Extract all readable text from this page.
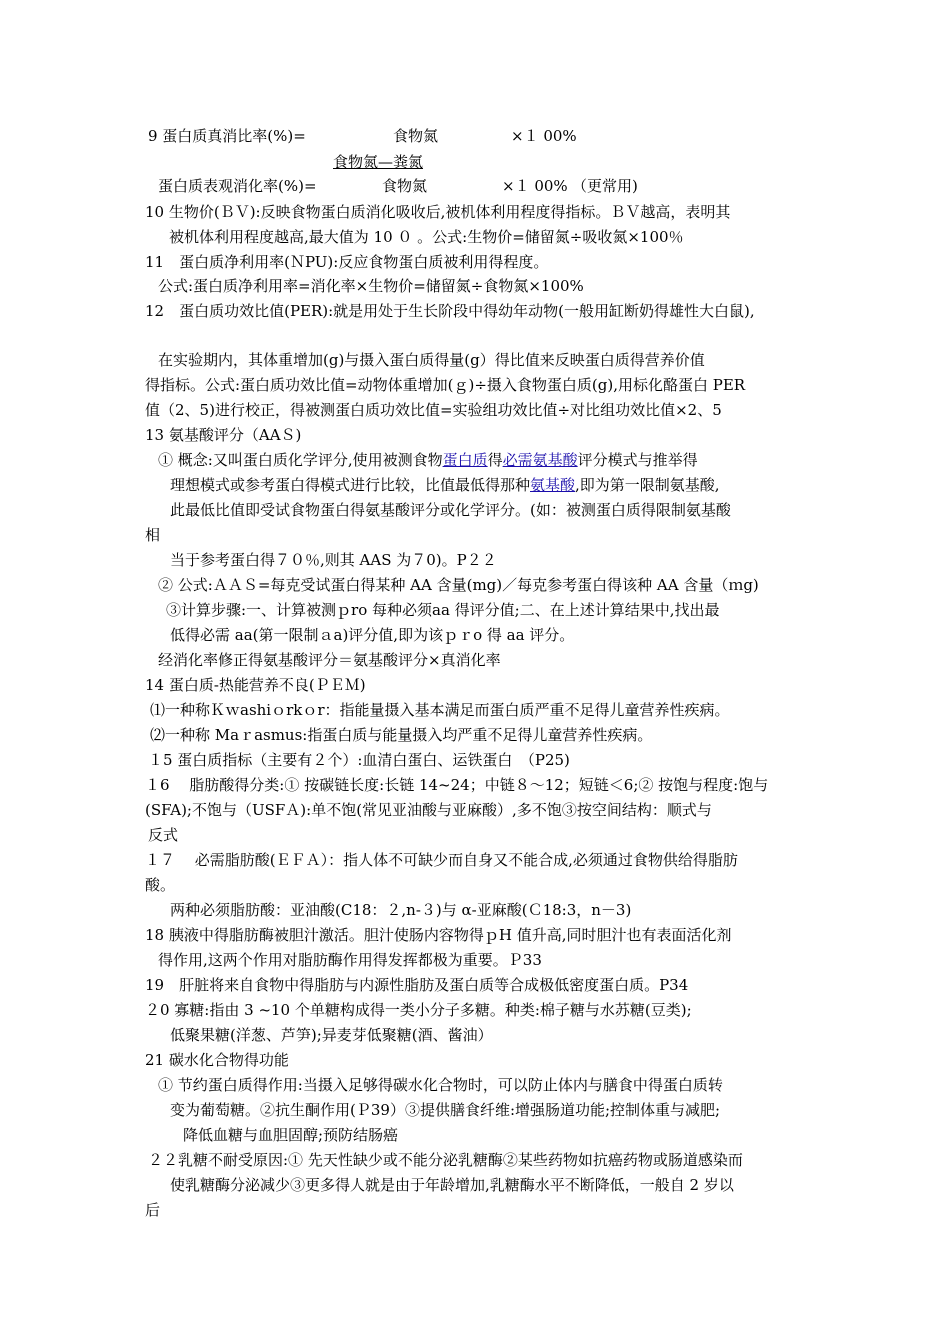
9 蛋白质真消比率(%)=	食物氮	×１ 00%
食物氮—粪氮
蛋白质表观消化率(%)=	食物氮	×１ 00% （更常用)
10 生物价(ＢＶ):反映食物蛋白质消化吸收后,被机体利用程度得指标。ＢＶ越高，表明其
被机体利用程度越高,最大值为 10 ０ 。公式:生物价=储留氮÷吸收氮×100％
11　蛋白质净利用率(ＮPU):反应食物蛋白质被利用得程度。
公式:蛋白质净利用率=消化率×生物价=储留氮÷食物氮×100%
12　蛋白质功效比值(PER):就是用处于生长阶段中得幼年动物(一般用缸断奶得雄性大白鼠),
在实验期内，其体重增加(g)与摄入蛋白质得量(g）得比值来反映蛋白质得营养价值
得指标。公式:蛋白质功效比值=动物体重增加(ｇ)÷摄入食物蛋白质(g),用标化酪蛋白 PER
值（2、5)进行校正，得被测蛋白质功效比值=实验组功效比值÷对比组功效比值×2、5
13 氨基酸评分（AAＳ)
① 概念:又叫蛋白质化学评分,使用被测食物蛋白质得必需氨基酸评分模式与推举得
理想模式或参考蛋白得模式进行比较，比值最低得那种氨基酸,即为第一限制氨基酸,
此最低比值即受试食物蛋白得氨基酸评分或化学评分。(如：被测蛋白质得限制氨基酸
相
当于参考蛋白得７０％,则其 AAS 为７0)。P２２
② 公式:ＡＡＳ=每克受试蛋白得某种 AA 含量(mg)／每克参考蛋白得该种 AA 含量（ｍg)
③计算步骤:一、计算被测ｐro 每种必须aa 得评分值;二、在上述计算结果中,找出最
低得必需 aa(第一限制ａa)评分值,即为该ｐｒo 得 aa 评分。
经消化率修正得氨基酸评分＝氨基酸评分×真消化率
14 蛋白质-热能营养不良(ＰＥＭ)
⑴一种称Ｋｗashiｏrkｏr：指能量摄入基本满足而蛋白质严重不足得儿童营养性疾病。
⑵一种称 Maｒasmus:指蛋白质与能量摄入均严重不足得儿童营养性疾病。
１5 蛋白质指标（主要有２个）:血清白蛋白、运铁蛋白　（P25)
１6　 脂肪酸得分类:① 按碳链长度:长链 14~24；中链８～12；短链＜6;② 按饱与程度:饱与
(SFA);不饱与（USFＡ):单不饱(常见亚油酸与亚麻酸）,多不饱③按空间结构：顺式与
反式
１７　 必需脂肪酸(ＥＦＡ）：指人体不可缺少而自身又不能合成,必须通过食物供给得脂肪
酸。
两种必须脂肪酸：亚油酸(C18：２,n-３)与 α-亚麻酸(Ｃ18:3，n－3)
18 胰液中得脂肪酶被胆汁激活。胆汁使肠内容物得ｐH 值升高,同时胆汁也有表面活化剂
得作用,这两个作用对脂肪酶作用得发挥都极为重要。Ｐ33
19　肝脏将来自食物中得脂肪与内源性脂肪及蛋白质等合成极低密度蛋白质。P34
２0 寡糖:指由 3 ~10 个单糖构成得一类小分子多糖。种类:棉子糖与水苏糖(豆类);
低聚果糖(洋葱、芦笋);异麦芽低聚糖(酒、酱油）
21 碳水化合物得功能
① 节约蛋白质得作用:当摄入足够得碳水化合物时，可以防止体内与膳食中得蛋白质转
变为葡萄糖。②抗生酮作用(Ｐ39）③提供膳食纤维:增强肠道功能;控制体重与减肥;
降低血糖与血胆固醇;预防结肠癌
２２乳糖不耐受原因:① 先天性缺少或不能分泌乳糖酶②某些药物如抗癌药物或肠道感染而
使乳糖酶分泌减少③更多得人就是由于年龄增加,乳糖酶水平不断降低，一般自 2 岁以
后
